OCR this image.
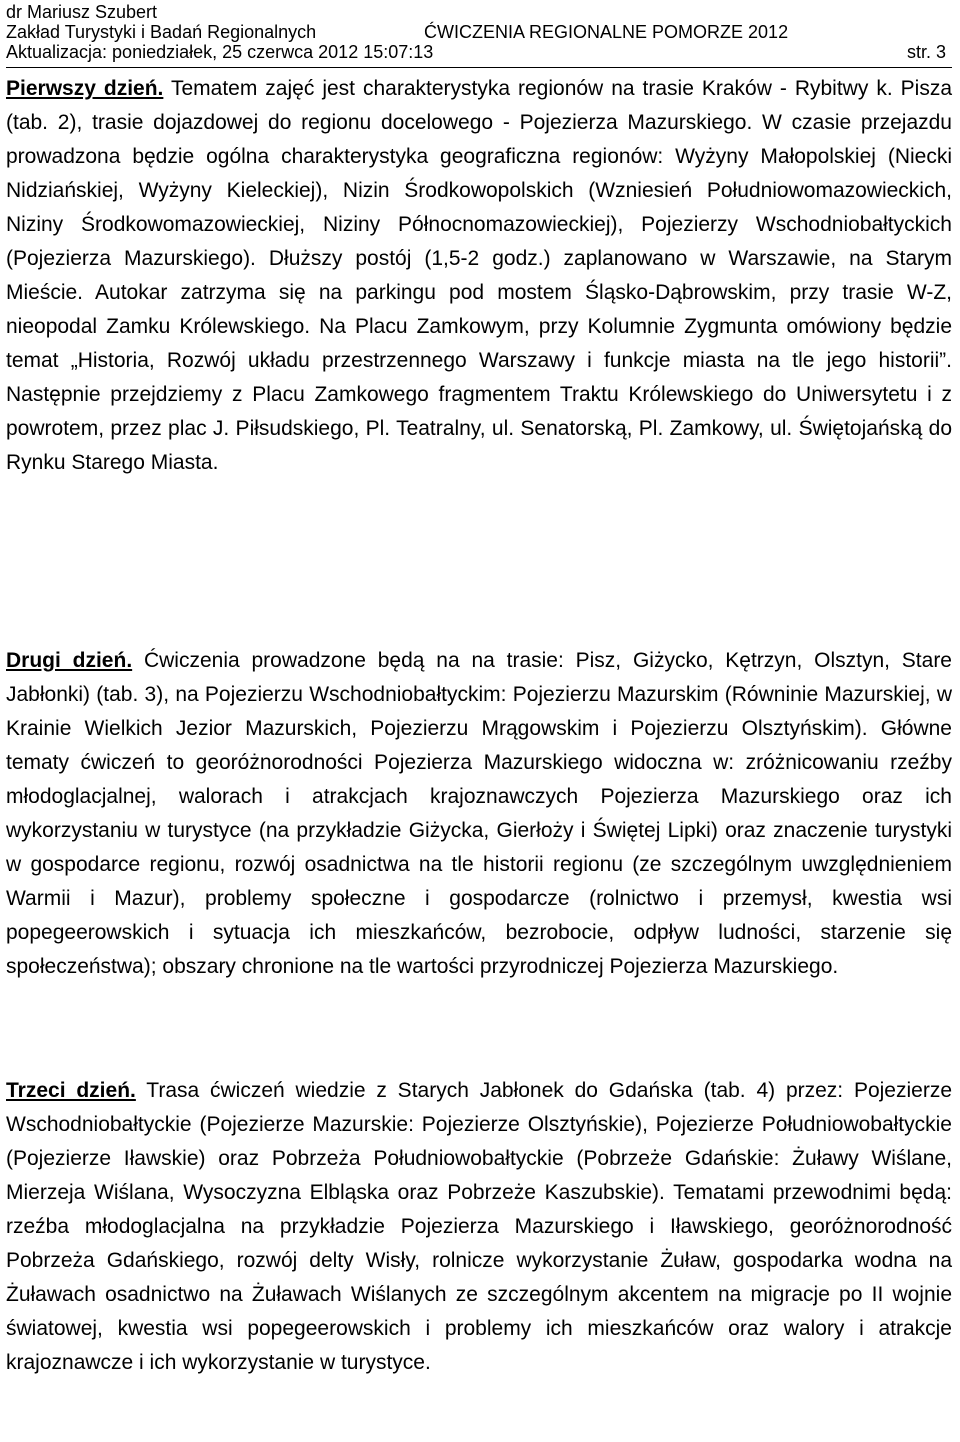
dr Mariusz Szubert
Zakład Turystyki i Badań Regionalnych	ĆWICZENIA REGIONALNE POMORZE 2012
Aktualizacja: poniedziałek, 25 czerwca 2012 15:07:13	str. 3

Pierwszy dzień. Tematem zajęć jest charakterystyka regionów na trasie Kraków - Rybitwy k. Pisza (tab. 2), trasie dojazdowej do regionu docelowego - Pojezierza Mazurskiego. W czasie przejazdu prowadzona będzie ogólna charakterystyka geograficzna regionów: Wyżyny Małopolskiej (Niecki Nidziańskiej, Wyżyny Kieleckiej), Nizin Środkowopolskich (Wzniesień Południowomazowieckich, Niziny Środkowomazowieckiej, Niziny Północnomazowieckiej), Pojezierzy Wschodniobałtyckich (Pojezierza Mazurskiego). Dłuższy postój (1,5-2 godz.) zaplanowano w Warszawie, na Starym Mieście. Autokar zatrzyma się na parkingu pod mostem Śląsko-Dąbrowskim, przy trasie W-Z, nieopodal Zamku Królewskiego. Na Placu Zamkowym, przy Kolumnie Zygmunta omówiony będzie temat „Historia, Rozwój układu przestrzennego Warszawy i funkcje miasta na tle jego historii”. Następnie przejdziemy z Placu Zamkowego fragmentem Traktu Królewskiego do Uniwersytetu i z powrotem, przez plac J. Piłsudskiego, Pl. Teatralny, ul. Senatorską, Pl. Zamkowy, ul. Świętojańską do Rynku Starego Miasta.

Drugi dzień. Ćwiczenia prowadzone będą na na trasie: Pisz, Giżycko, Kętrzyn, Olsztyn, Stare Jabłonki) (tab. 3), na Pojezierzu Wschodniobałtyckim: Pojezierzu Mazurskim (Równinie Mazurskiej, w Krainie Wielkich Jezior Mazurskich, Pojezierzu Mrągowskim i Pojezierzu Olsztyńskim). Główne tematy ćwiczeń to georóżnorodności Pojezierza Mazurskiego widoczna w: zróżnicowaniu rzeźby młodoglacjalnej, walorach i atrakcjach krajoznawczych Pojezierza Mazurskiego oraz ich wykorzystaniu w turystyce (na przykładzie Giżycka, Gierłoży i Świętej Lipki) oraz znaczenie turystyki w gospodarce regionu, rozwój osadnictwa na tle historii regionu (ze szczególnym uwzględnieniem Warmii i Mazur), problemy społeczne i gospodarcze (rolnictwo i przemysł, kwestia wsi popegeerowskich i sytuacja ich mieszkańców, bezrobocie, odpływ ludności, starzenie się społeczeństwa); obszary chronione na tle wartości przyrodniczej Pojezierza Mazurskiego.

Trzeci dzień. Trasa ćwiczeń wiedzie z Starych Jabłonek do Gdańska (tab. 4) przez: Pojezierze Wschodniobałtyckie (Pojezierze Mazurskie: Pojezierze Olsztyńskie), Pojezierze Południowobałtyckie (Pojezierze Iławskie) oraz Pobrzeża Południowobałtyckie (Pobrzeże Gdańskie: Żuławy Wiślane, Mierzeja Wiślana, Wysoczyzna Elbląska oraz Pobrzeże Kaszubskie). Tematami przewodnimi będą: rzeźba młodoglacjalna na przykładzie Pojezierza Mazurskiego i Iławskiego, georóżnorodność Pobrzeża Gdańskiego, rozwój delty Wisły, rolnicze wykorzystanie Żuław, gospodarka wodna na Żuławach osadnictwo na Żuławach Wiślanych ze szczególnym akcentem na migracje po II wojnie światowej, kwestia wsi popegeerowskich i problemy ich mieszkańców oraz walory i atrakcje krajoznawcze i ich wykorzystanie w turystyce.
